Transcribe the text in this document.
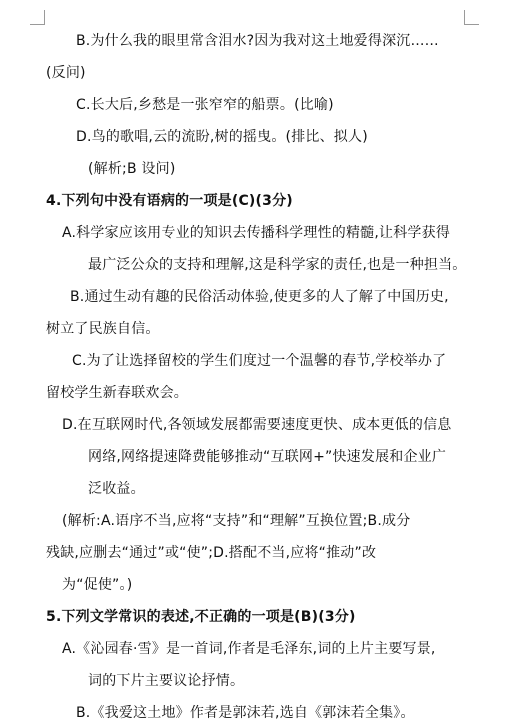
B.为什么我的眼里常含泪水?因为我对这土地爱得深沉……
(反问)
C.长大后,乡愁是一张窄窄的船票。(比喻)
D.鸟的歌唱,云的流盼,树的摇曳。(排比、拟人)
(解析;B 设问)
4.下列句中没有语病的一项是(C)(3分)
A.科学家应该用专业的知识去传播科学理性的精髓,让科学获得
最广泛公众的支持和理解,这是科学家的责任,也是一种担当。
B.通过生动有趣的民俗活动体验,使更多的人了解了中国历史,
树立了民族自信。
C.为了让选择留校的学生们度过一个温馨的春节,学校举办了
留校学生新春联欢会。
D.在互联网时代,各领域发展都需要速度更快、成本更低的信息
网络,网络提速降费能够推动“互联网+”快速发展和企业广
泛收益。
(解析:A.语序不当,应将“支持”和“理解”互换位置;B.成分
残缺,应删去“通过”或“使”;D.搭配不当,应将“推动”改
为“促使”。)
5.下列文学常识的表述,不正确的一项是(B)(3分)
A.《沁园春·雪》是一首词,作者是毛泽东,词的上片主要写景,
词的下片主要议论抒情。
B.《我爱这土地》作者是郭沫若,选自《郭沫若全集》。
